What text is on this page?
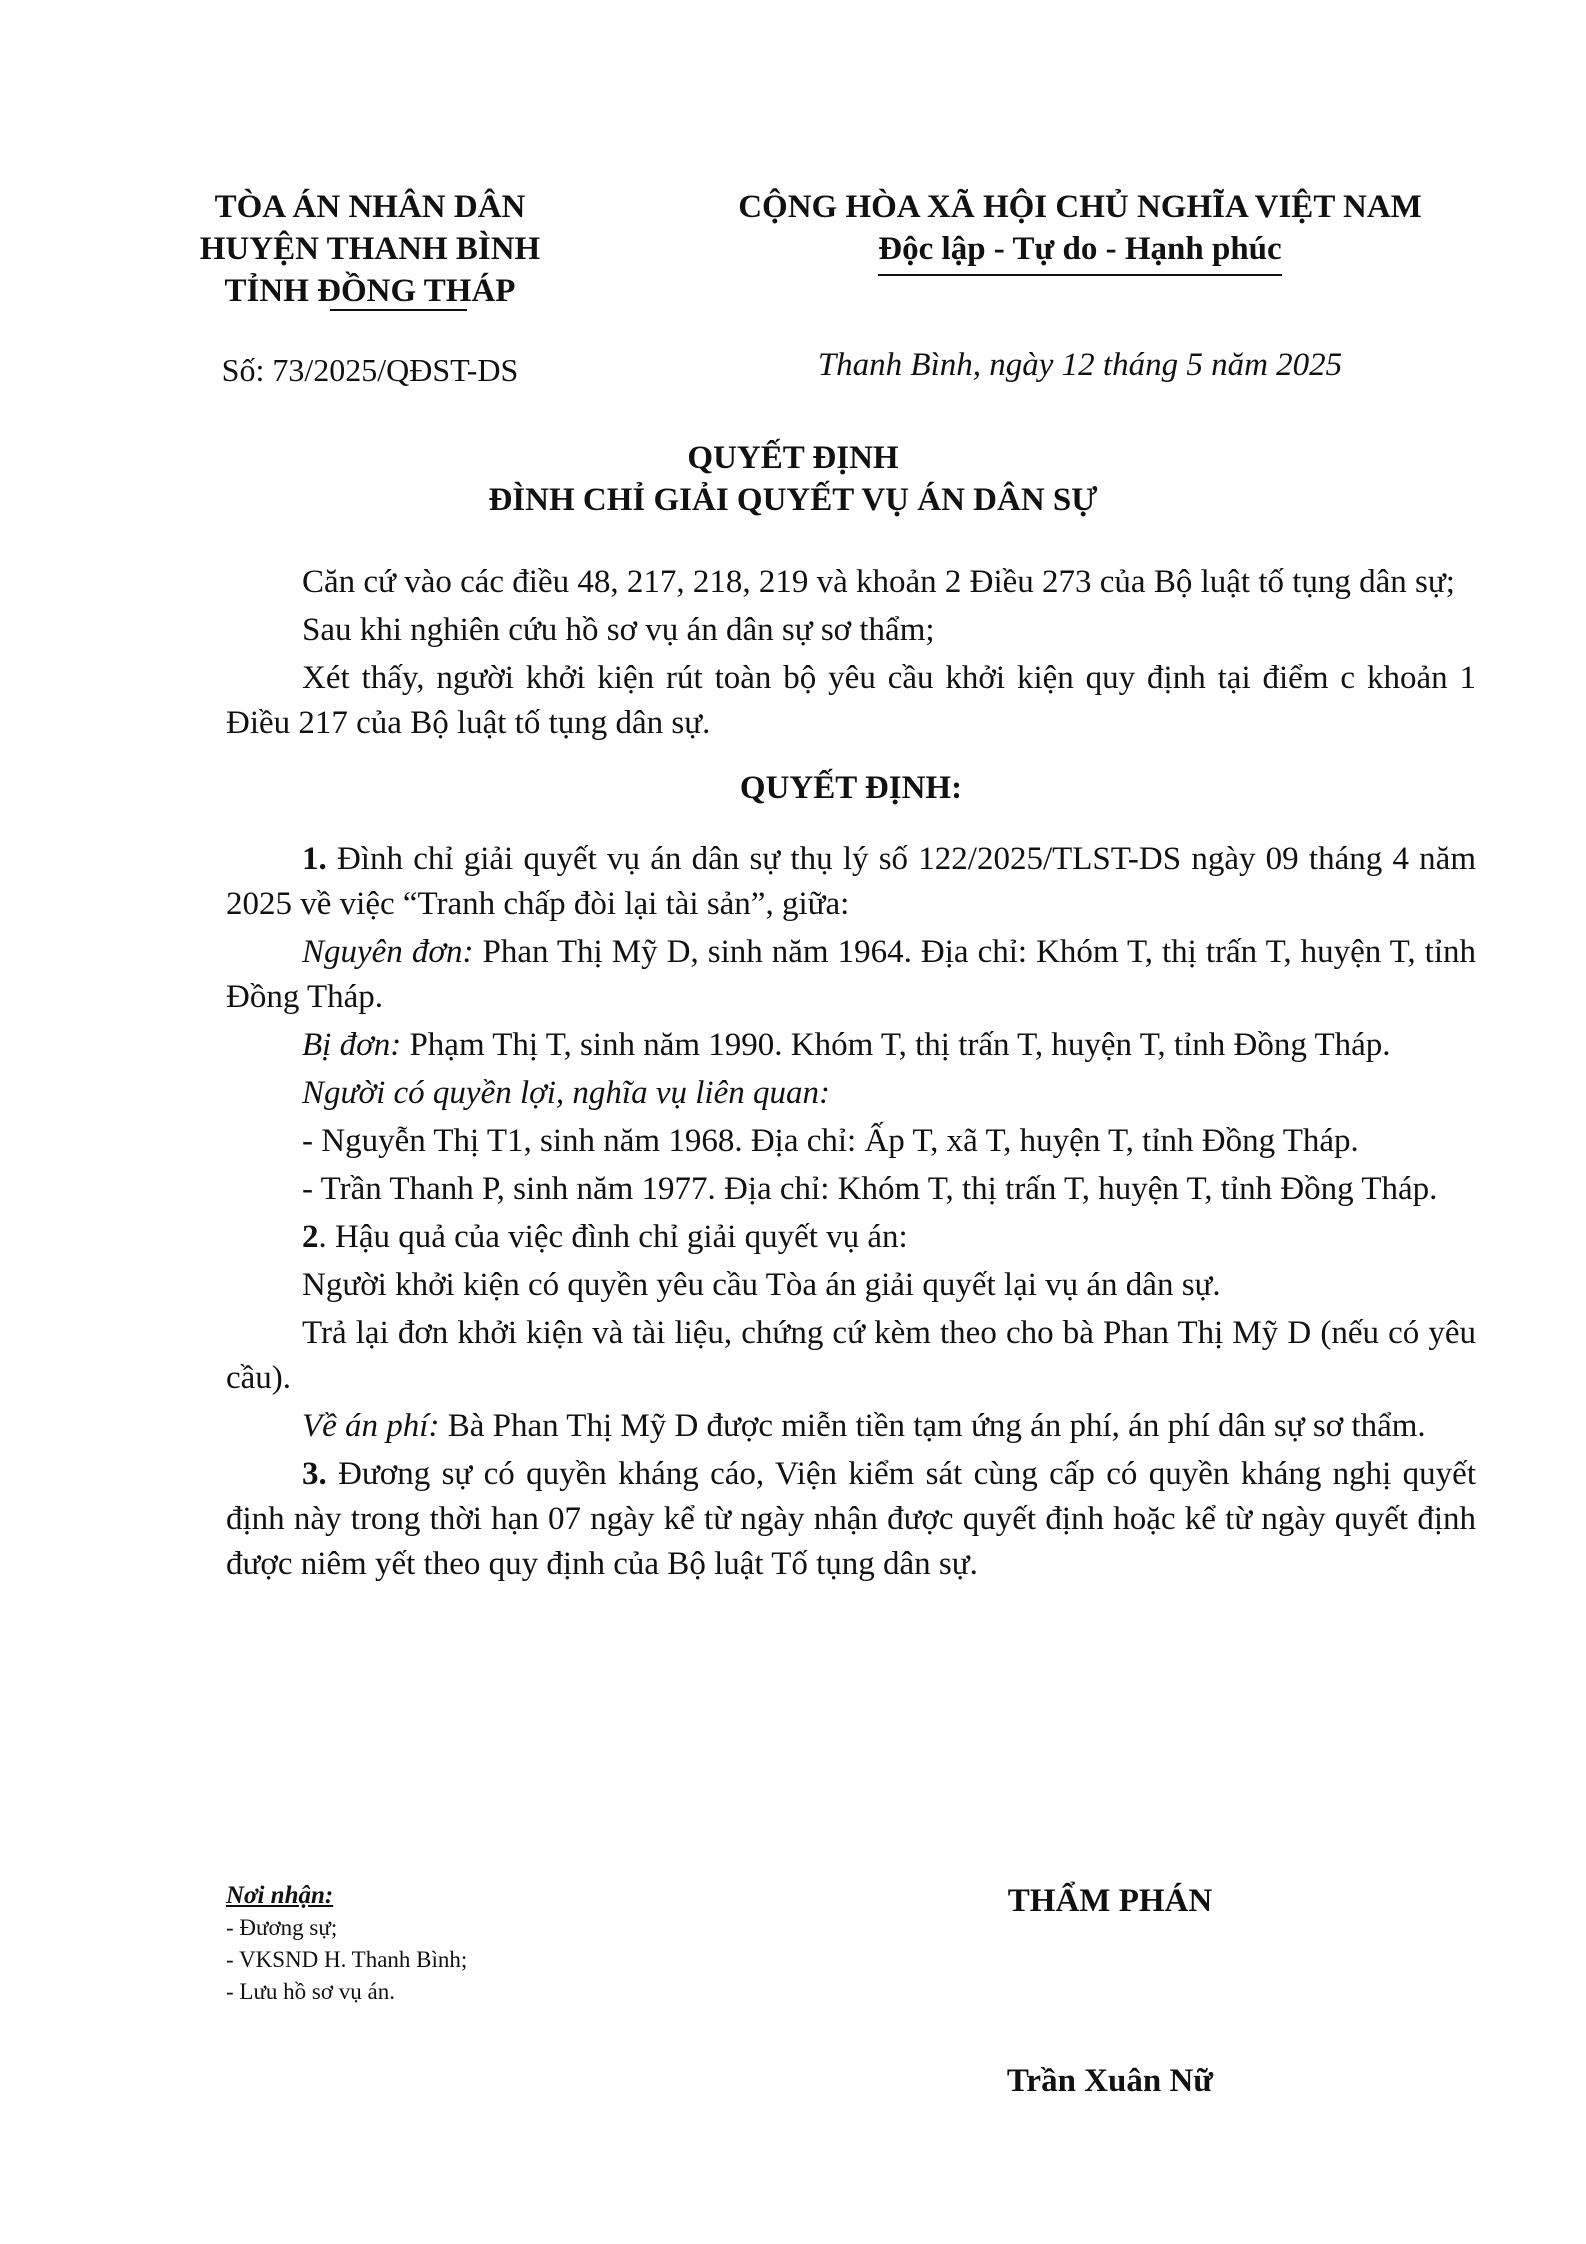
TÒA ÁN NHÂN DÂN
HUYỆN THANH BÌNH
TỈNH ĐỒNG THÁP
CỘNG HÒA XÃ HỘI CHỦ NGHĨA VIỆT NAM
Độc lập - Tự do - Hạnh phúc
Số: 73/2025/QĐST-DS	Thanh Bình, ngày 12 tháng 5 năm 2025
QUYẾT ĐỊNH
ĐÌNH CHỈ GIẢI QUYẾT VỤ ÁN DÂN SỰ

Căn cứ vào các điều 48, 217, 218, 219 và khoản 2 Điều 273 của Bộ luật tố tụng dân sự;

Sau khi nghiên cứu hồ sơ vụ án dân sự sơ thẩm;

Xét thấy, người khởi kiện rút toàn bộ yêu cầu khởi kiện quy định tại điểm c khoản 1 Điều 217 của Bộ luật tố tụng dân sự.

QUYẾT ĐỊNH:

1. Đình chỉ giải quyết vụ án dân sự thụ lý số 122/2025/TLST-DS ngày 09 tháng 4 năm 2025 về việc “Tranh chấp đòi lại tài sản”, giữa:

Nguyên đơn: Phan Thị Mỹ D, sinh năm 1964. Địa chỉ: Khóm T, thị trấn T, huyện T, tỉnh Đồng Tháp.

Bị đơn: Phạm Thị T, sinh năm 1990. Khóm T, thị trấn T, huyện T, tỉnh Đồng Tháp.

Người có quyền lợi, nghĩa vụ liên quan:

- Nguyễn Thị T1, sinh năm 1968. Địa chỉ: Ấp T, xã T, huyện T, tỉnh Đồng Tháp.

- Trần Thanh P, sinh năm 1977. Địa chỉ: Khóm T, thị trấn T, huyện T, tỉnh Đồng Tháp.

2. Hậu quả của việc đình chỉ giải quyết vụ án:

Người khởi kiện có quyền yêu cầu Tòa án giải quyết lại vụ án dân sự.

Trả lại đơn khởi kiện và tài liệu, chứng cứ kèm theo cho bà Phan Thị Mỹ D (nếu có yêu cầu).

Về án phí: Bà Phan Thị Mỹ D được miễn tiền tạm ứng án phí, án phí dân sự sơ thẩm.

3. Đương sự có quyền kháng cáo, Viện kiểm sát cùng cấp có quyền kháng nghị quyết định này trong thời hạn 07 ngày kể từ ngày nhận được quyết định hoặc kể từ ngày quyết định được niêm yết theo quy định của Bộ luật Tố tụng dân sự.

Nơi nhận:
- Đương sự;
- VKSND H. Thanh Bình;
- Lưu hồ sơ vụ án.
THẨM PHÁN
Trần Xuân Nữ
